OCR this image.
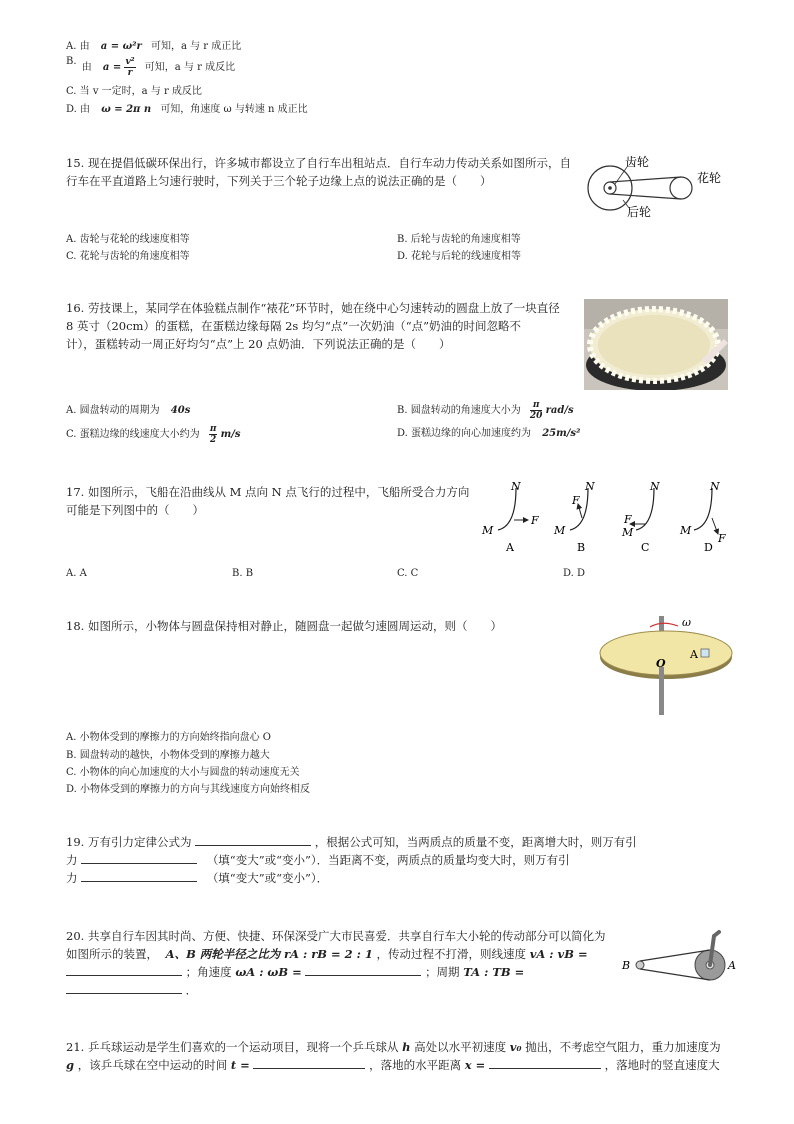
A. 由 a = ω²r 可知，a 与 r 成正比
B. 由 $a = \frac{\text{v²}}{r}$ 可知，a 与 r 成反比
C. 当 v 一定时，a 与 r 成反比
D. 由 ω = 2π n 可知，角速度 ω 与转速 n 成正比
15. 现在提倡低碳环保出行，许多城市都设立了自行车出租站点．自行车动力传动关系如图所示，自
行车在平直道路上匀速行驶时，下列关于三个轮子边缘上点的说法正确的是（　　）
齿轮
花轮
后轮
A. 齿轮与花轮的线速度相等	B. 后轮与齿轮的角速度相等
C. 花轮与齿轮的角速度相等	D. 花轮与后轮的线速度相等
16. 劳技课上，某同学在体验糕点制作“裱花”环节时，她在绕中心匀速转动的圆盘上放了一块直径
8 英寸（20cm）的蛋糕，在蛋糕边缘每隔 2s 均匀“点”一次奶油（“点”奶油的时间忽略不
计），蛋糕转动一周正好均匀“点”上 20 点奶油．下列说法正确的是（　　）
A. 圆盘转动的周期为 40s	B. 圆盘转动的角速度大小为 $\frac{\pi}{20} rad/s$
C. 蛋糕边缘的线速度大小约为 $\frac{\pi}{2} m/s$	D. 蛋糕边缘的向心加速度约为 25m/s²
17. 如图所示，飞船在沿曲线从 M 点向 N 点飞行的过程中，飞船所受合力方向
可能是下列图中的（　　）
N
M
F
A
N
M
F
B
N
M
F
C
N
M
F
D
A. A	B. B	C. C	D. D
18. 如图所示，小物体与圆盘保持相对静止，随圆盘一起做匀速圆周运动，则（　　）	ω
O
A
A. 小物体受到的摩擦力的方向始终指向盘心 O
B. 圆盘转动的越快，小物体受到的摩擦力越大
C. 小物体的向心加速度的大小与圆盘的转动速度无关
D. 小物体受到的摩擦力的方向与其线速度方向始终相反
19. 万有引力定律公式为	，根据公式可知，当两质点的质量不变，距离增大时，则万有引
力	（填“变大”或“变小”）．当距离不变，两质点的质量均变大时，则万有引
力	（填“变大”或“变小”）．
20. 共享自行车因其时尚、方便、快捷、环保深受广大市民喜爱．共享自行车大小轮的传动部分可以简化为
如图所示的装置， A、B 两轮半径之比为 rA : rB = 2 : 1 ，传动过程不打滑，则线速度 vA : vB =
；角速度 ωA : ωB =	；周期 TA : TB =
．
B	A
21. 乒乓球运动是学生们喜欢的一个运动项目，现将一个乒乓球从 h 高处以水平初速度 v₀ 抛出，不考虑空气阻力，重力加速度为
g ，该乒乓球在空中运动的时间 t =	，落地的水平距离 x =	，落地时的竖直速度大
